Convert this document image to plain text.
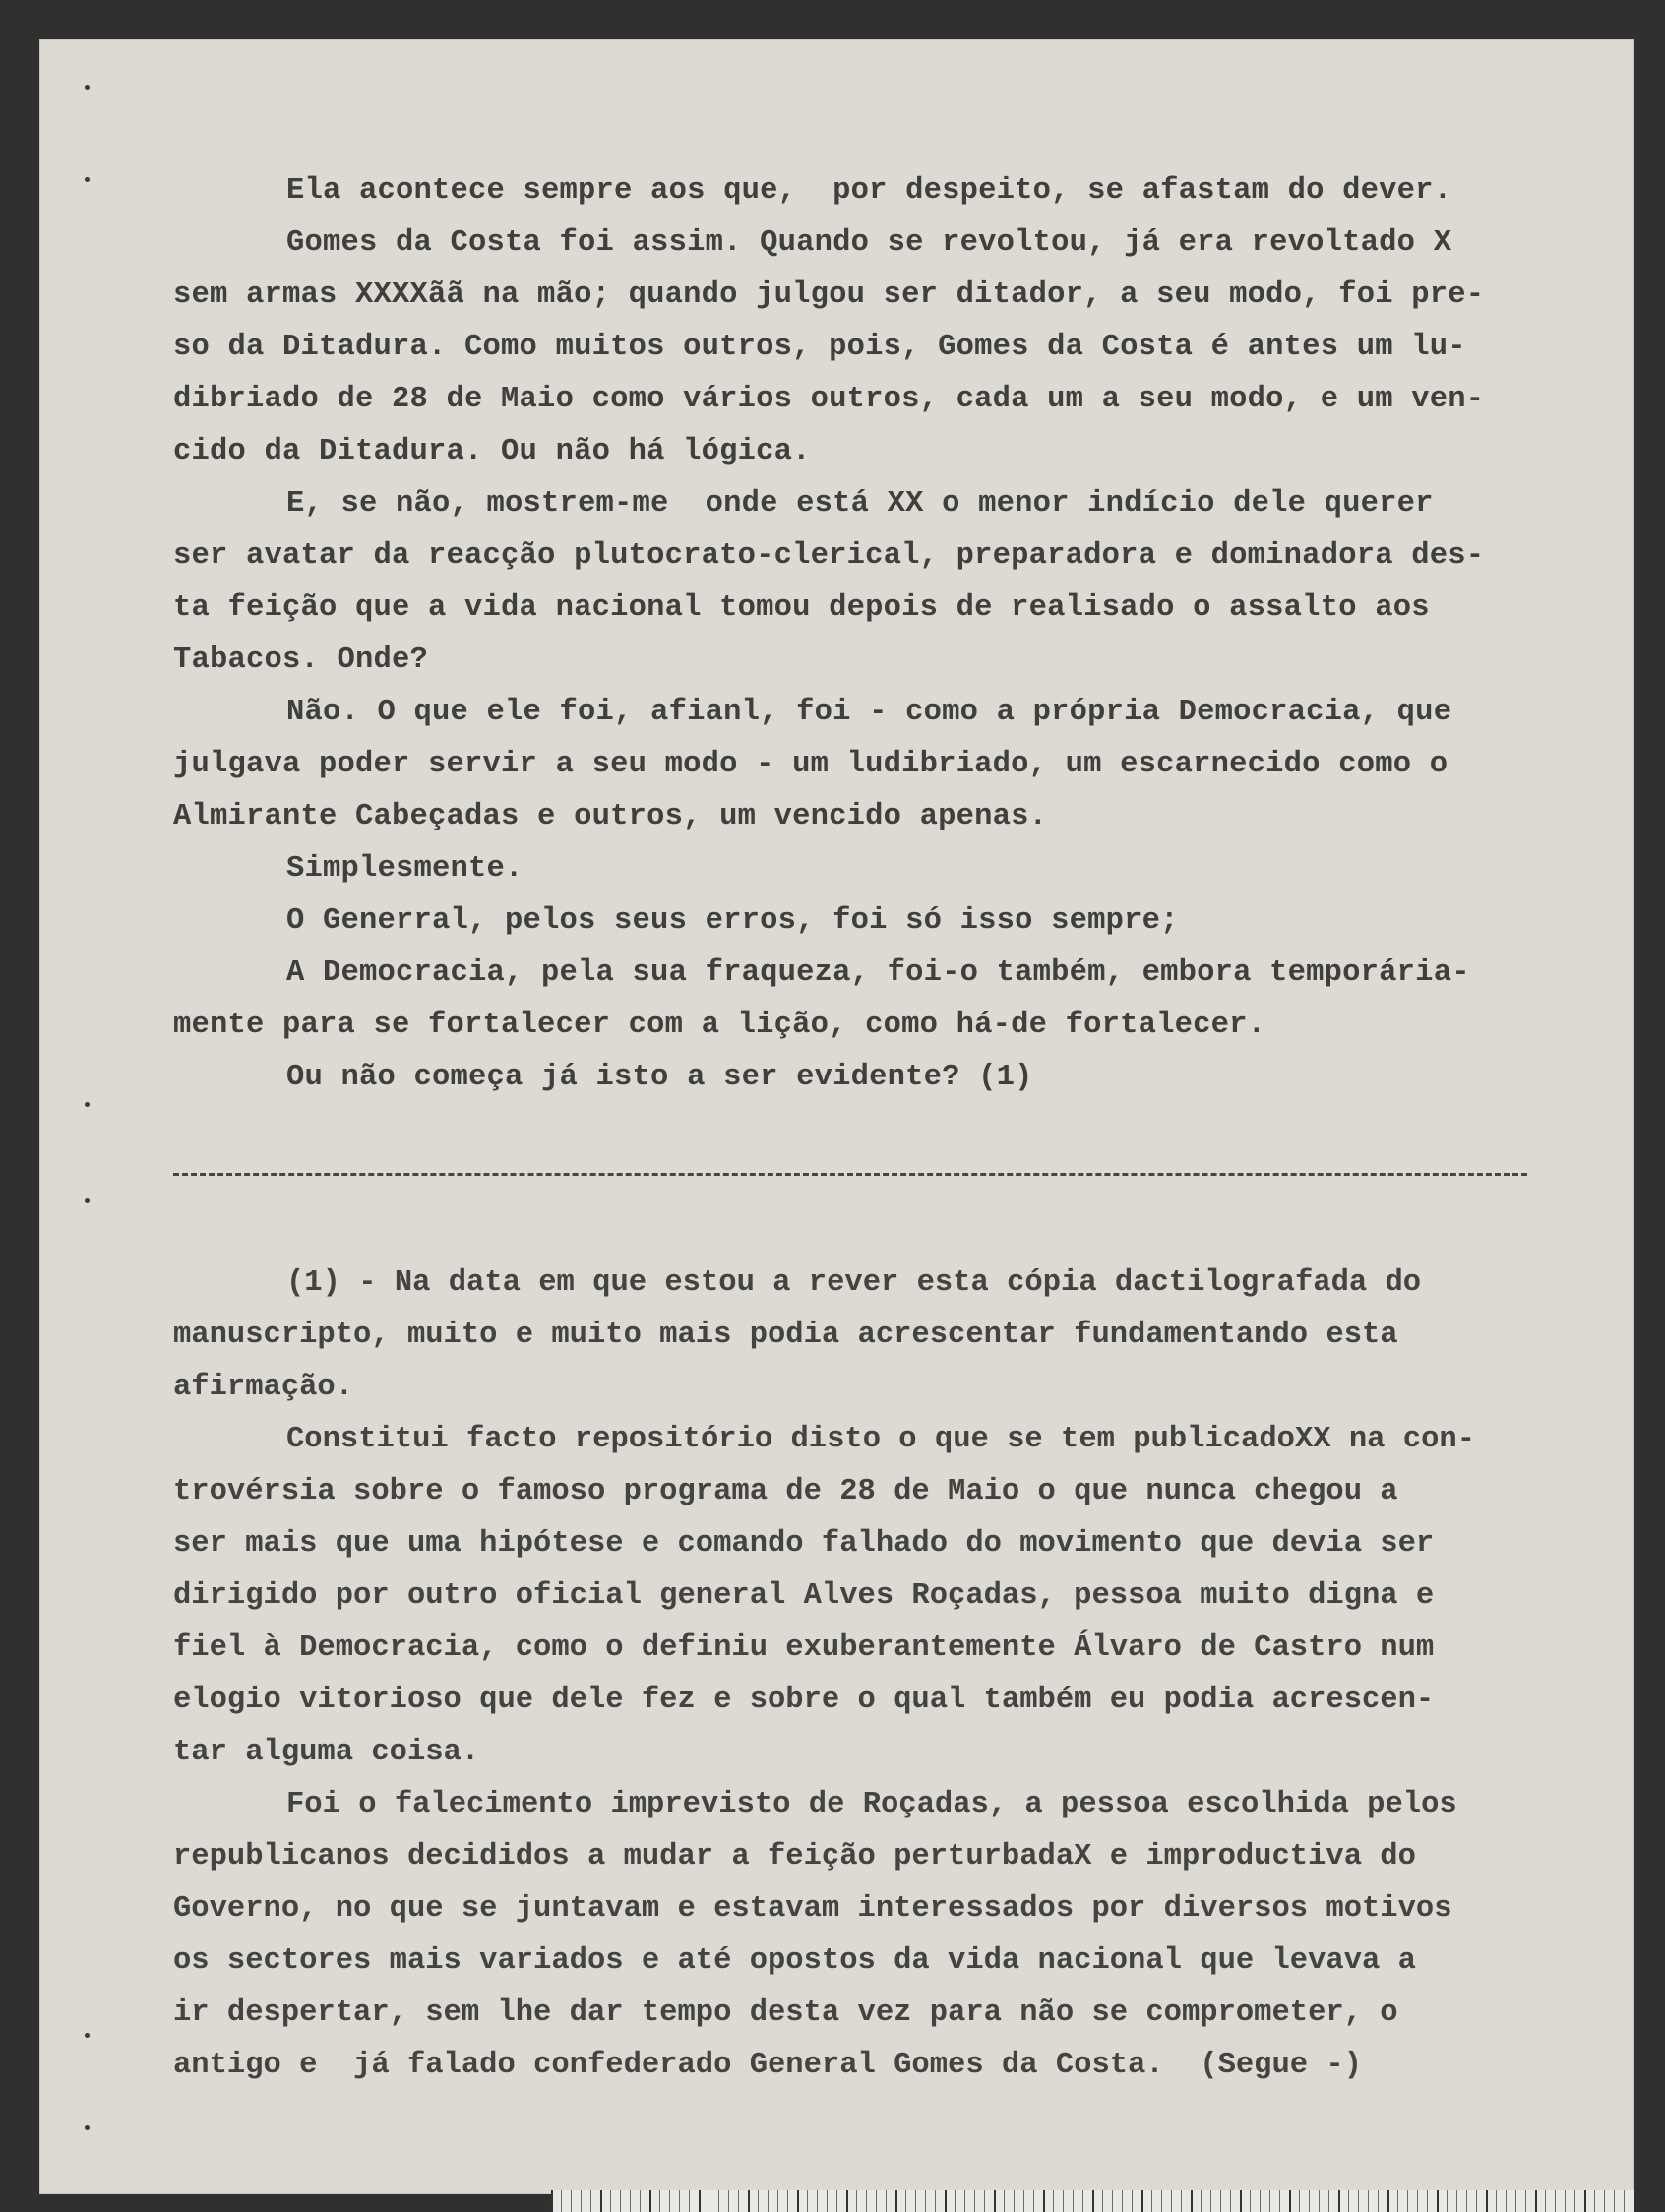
Ela acontece sempre aos que,  por despeito, se afastam do dever.
Gomes da Costa foi assim. Quando se revoltou, já era revoltado X
sem armas XXXXãã na mão; quando julgou ser ditador, a seu modo, foi pre-
so da Ditadura. Como muitos outros, pois, Gomes da Costa é antes um lu-
dibriado de 28 de Maio como vários outros, cada um a seu modo, e um ven-
cido da Ditadura. Ou não há lógica.
E, se não, mostrem-me  onde está XX o menor indício dele querer
ser avatar da reacção plutocrato-clerical, preparadora e dominadora des-
ta feição que a vida nacional tomou depois de realisado o assalto aos
Tabacos. Onde?
Não. O que ele foi, afianl, foi - como a própria Democracia, que
julgava poder servir a seu modo - um ludibriado, um escarnecido como o
Almirante Cabeçadas e outros, um vencido apenas.
Simplesmente.
O Generral, pelos seus erros, foi só isso sempre;
A Democracia, pela sua fraqueza, foi-o também, embora temporária-
mente para se fortalecer com a lição, como há-de fortalecer.
Ou não começa já isto a ser evidente? (1)
(1) - Na data em que estou a rever esta cópia dactilografada do
manuscripto, muito e muito mais podia acrescentar fundamentando esta
afirmação.
Constitui facto repositório disto o que se tem publicadoXX na con-
trovérsia sobre o famoso programa de 28 de Maio o que nunca chegou a
ser mais que uma hipótese e comando falhado do movimento que devia ser
dirigido por outro oficial general Alves Roçadas, pessoa muito digna e
fiel à Democracia, como o definiu exuberantemente Álvaro de Castro num
elogio vitorioso que dele fez e sobre o qual também eu podia acrescen-
tar alguma coisa.
Foi o falecimento imprevisto de Roçadas, a pessoa escolhida pelos
republicanos decididos a mudar a feição perturbadaX e improductiva do
Governo, no que se juntavam e estavam interessados por diversos motivos
os sectores mais variados e até opostos da vida nacional que levava a
ir despertar, sem lhe dar tempo desta vez para não se comprometer, o
antigo e  já falado confederado General Gomes da Costa.  (Segue -)
